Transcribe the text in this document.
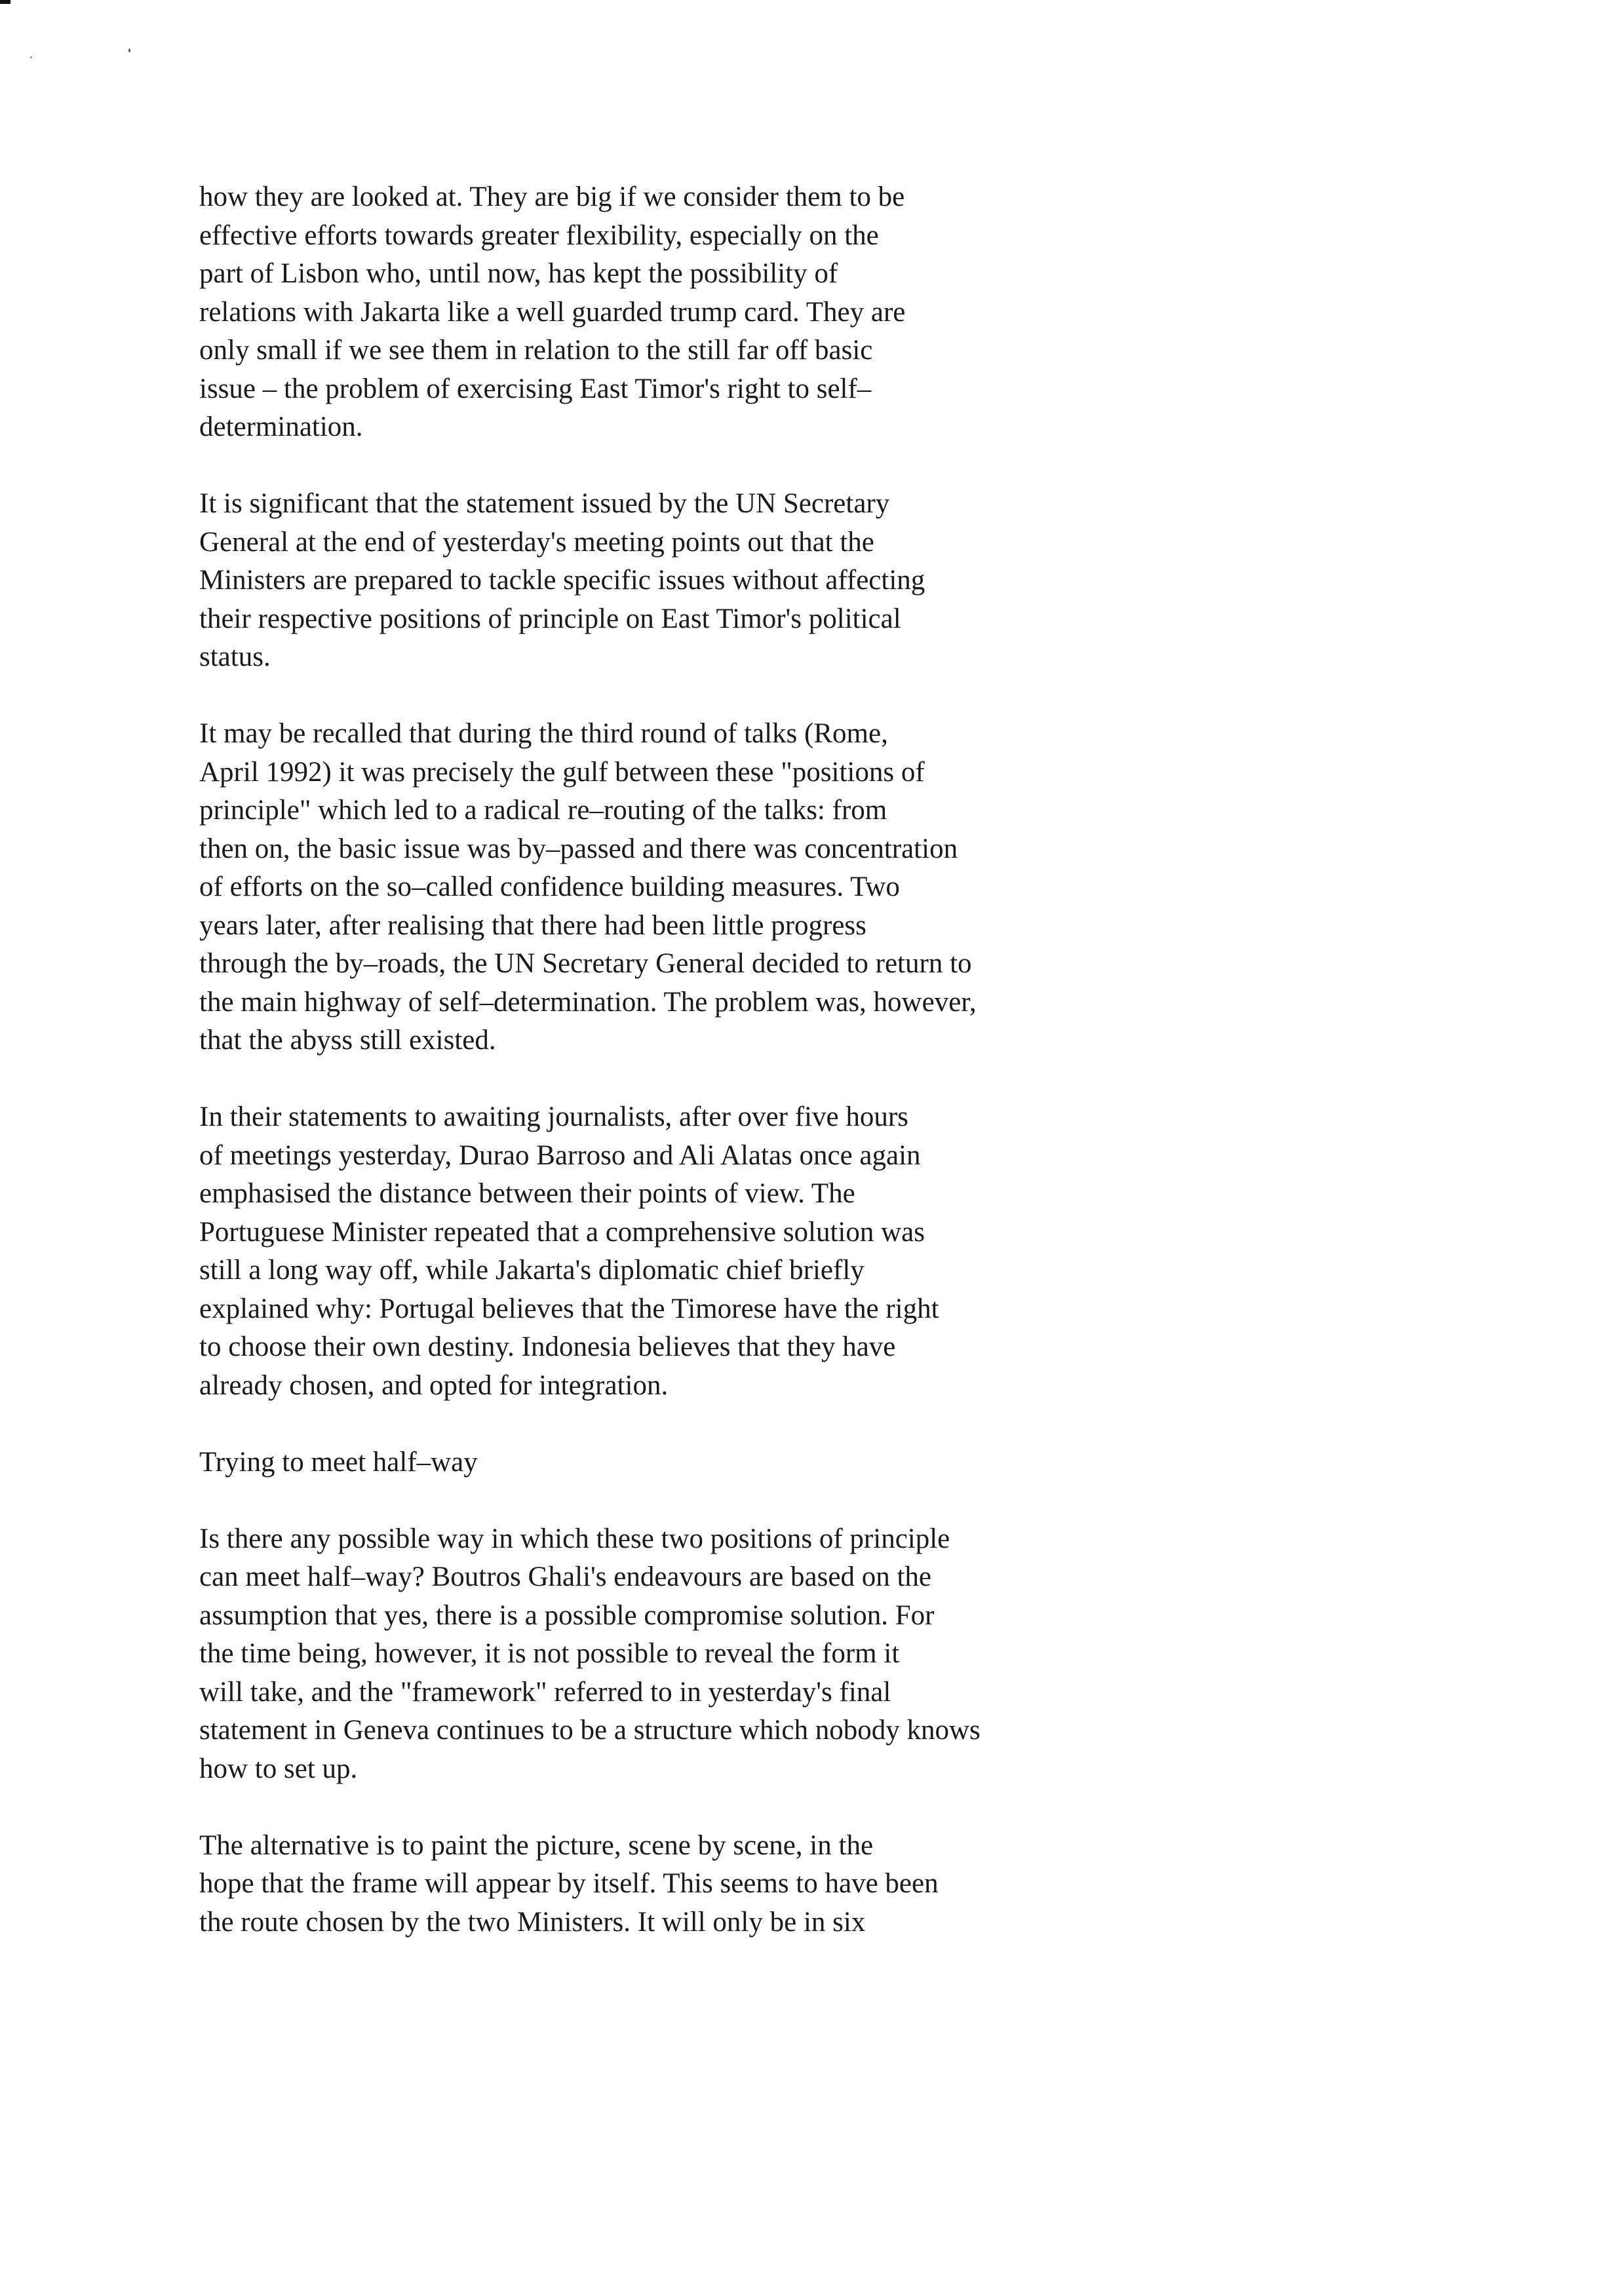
how they are looked at. They are big if we consider them to be
effective efforts towards greater flexibility, especially on the
part of Lisbon who, until now, has kept the possibility of
relations with Jakarta like a well guarded trump card. They are
only small if we see them in relation to the still far off basic
issue – the problem of exercising East Timor's right to self–
determination.

It is significant that the statement issued by the UN Secretary
General at the end of yesterday's meeting points out that the
Ministers are prepared to tackle specific issues without affecting
their respective positions of principle on East Timor's political
status.

It may be recalled that during the third round of talks (Rome,
April 1992) it was precisely the gulf between these "positions of
principle" which led to a radical re–routing of the talks: from
then on, the basic issue was by–passed and there was concentration
of efforts on the so–called confidence building measures. Two
years later, after realising that there had been little progress
through the by–roads, the UN Secretary General decided to return to
the main highway of self–determination. The problem was, however,
that the abyss still existed.

In their statements to awaiting journalists, after over five hours
of meetings yesterday, Durao Barroso and Ali Alatas once again
emphasised the distance between their points of view. The
Portuguese Minister repeated that a comprehensive solution was
still a long way off, while Jakarta's diplomatic chief briefly
explained why: Portugal believes that the Timorese have the right
to choose their own destiny. Indonesia believes that they have
already chosen, and opted for integration.

Trying to meet half–way

Is there any possible way in which these two positions of principle
can meet half–way? Boutros Ghali's endeavours are based on the
assumption that yes, there is a possible compromise solution. For
the time being, however, it is not possible to reveal the form it
will take, and the "framework" referred to in yesterday's final
statement in Geneva continues to be a structure which nobody knows
how to set up.

The alternative is to paint the picture, scene by scene, in the
hope that the frame will appear by itself. This seems to have been
the route chosen by the two Ministers. It will only be in six
